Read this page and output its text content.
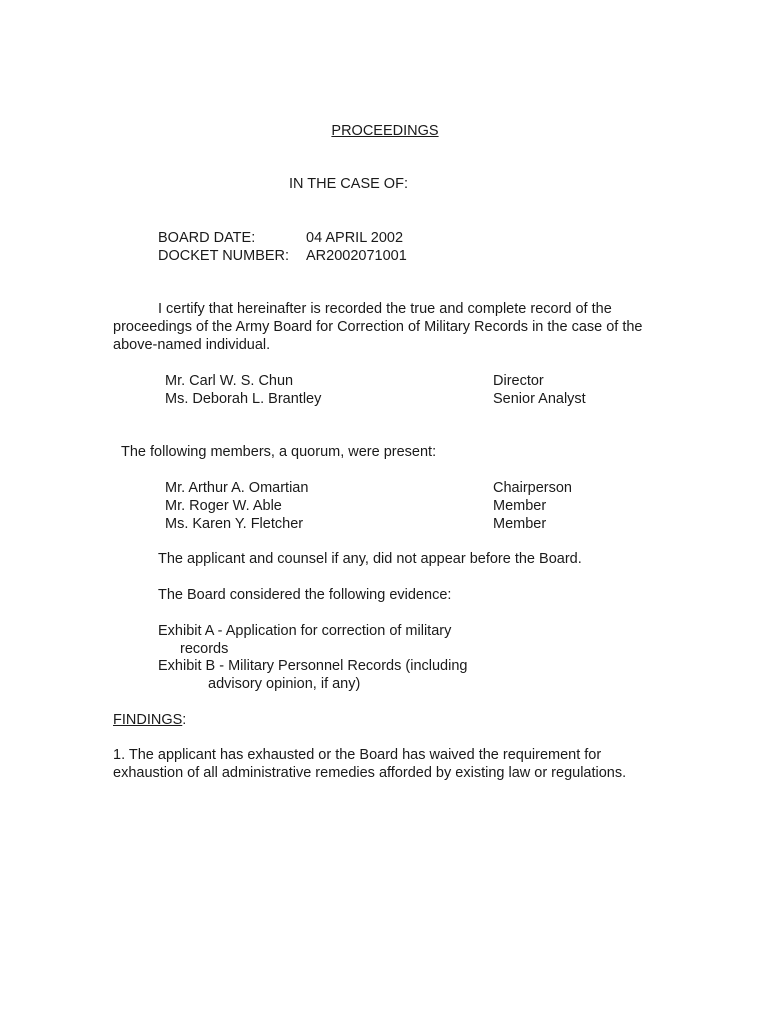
PROCEEDINGS
IN THE CASE OF:
BOARD DATE:	04 APRIL 2002
DOCKET NUMBER: AR2002071001
I certify that hereinafter is recorded the true and complete record of the proceedings of the Army Board for Correction of Military Records in the case of the above-named individual.
Mr. Carl W. S. Chun	Director
Ms. Deborah L. Brantley	Senior Analyst
The following members, a quorum, were present:
Mr. Arthur A. Omartian	Chairperson
Mr. Roger W. Able	Member
Ms. Karen Y. Fletcher	Member
The applicant and counsel if any, did not appear before the Board.
The Board considered the following evidence:
Exhibit A - Application for correction of military
records
Exhibit B - Military Personnel Records (including
advisory opinion, if any)
FINDINGS:
1. The applicant has exhausted or the Board has waived the requirement for exhaustion of all administrative remedies afforded by existing law or regulations.
